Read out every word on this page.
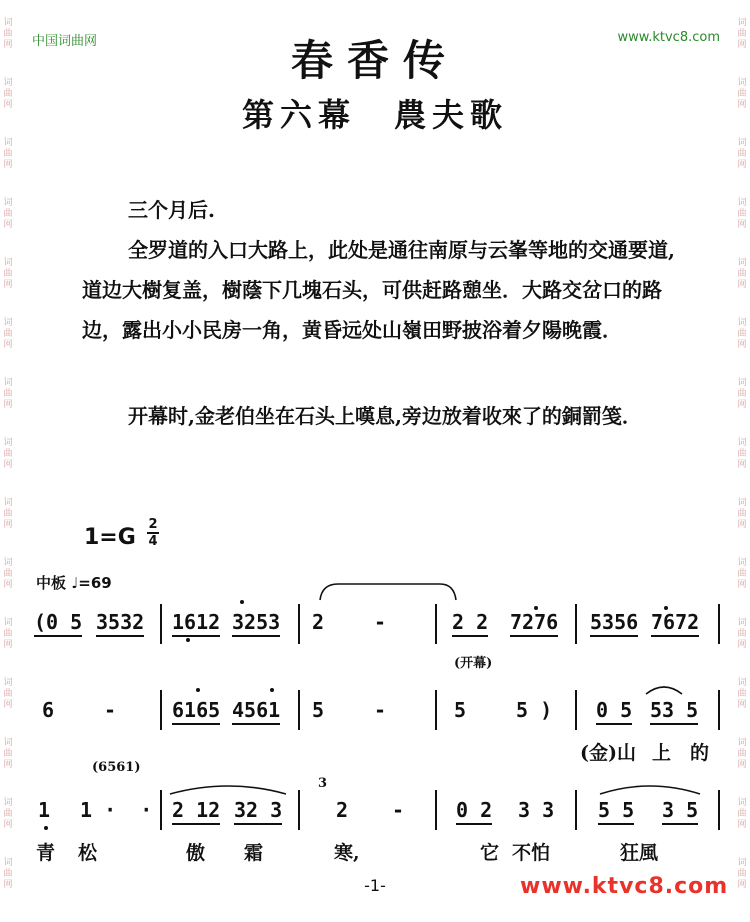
词
曲
网
词
曲
网
词
曲
网
词
曲
网
词
曲
网
词
曲
网
词
曲
网
词
曲
网
词
曲
网
词
曲
网
词
曲
网
词
曲
网
词
曲
网
词
曲
网
词
曲
网
词
曲
网
词
曲
网
词
曲
网
词
曲
网
词
曲
网
词
曲
网
词
曲
网
词
曲
网
词
曲
网
词
曲
网
词
曲
网
词
曲
网
词
曲
网
词
曲
网
词
曲
网
中国词曲网	www.ktvc8.com
春香传
第六幕　農夫歌
三个月后.
全罗道的入口大路上，此处是通往南原与云峯等地的交通要道,道边大樹复盖，樹蔭下几塊石头，可供赶路憩坐．大路交岔口的路边，露出小小民房一角，黄昏远处山嶺田野披浴着夕陽晚霞．
开幕时,金老伯坐在石头上嘆息,旁边放着收來了的銅罰笺．
1=G
2
4
中板 ♩=69
(0 5 3532 1612 3253 2 -	2 2 7276 5356 7672
6 -	6165 4561 5 -	5 5 ) 0 5 53 5
1 1 ·  · 2 12 32 3	2 -	0 2 3 3 5 5 3 5
(开幕)
(6561)
3
(金)山 上 的
青 松	傲 霜	寒,	它 不怕	狂風
-1-	www.ktvc8.com
